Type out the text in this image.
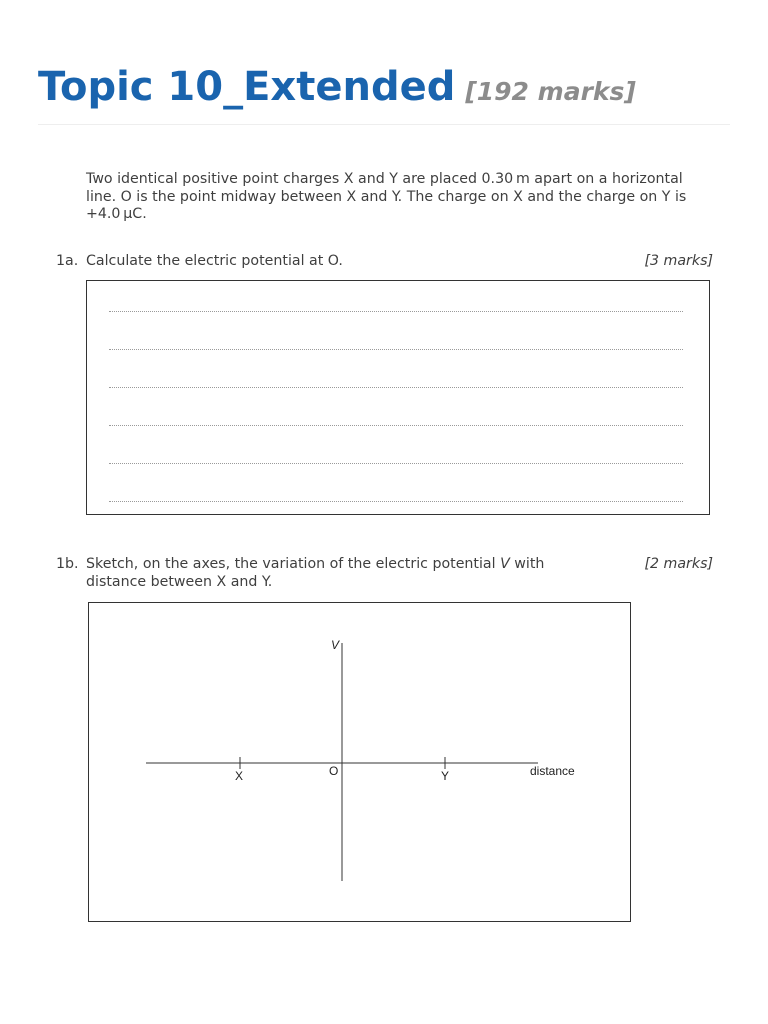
Topic 10_Extended [192 marks]

Two identical positive point charges X and Y are placed 0.30 m apart on a horizontal line. O is the point midway between X and Y. The charge on X and the charge on Y is +4.0 µC.

1a. Calculate the electric potential at O.	[3 marks]
1b. Sketch, on the axes, the variation of the electric potential V with distance between X and Y.

[2 marks]
V
O
X	Y	distance
